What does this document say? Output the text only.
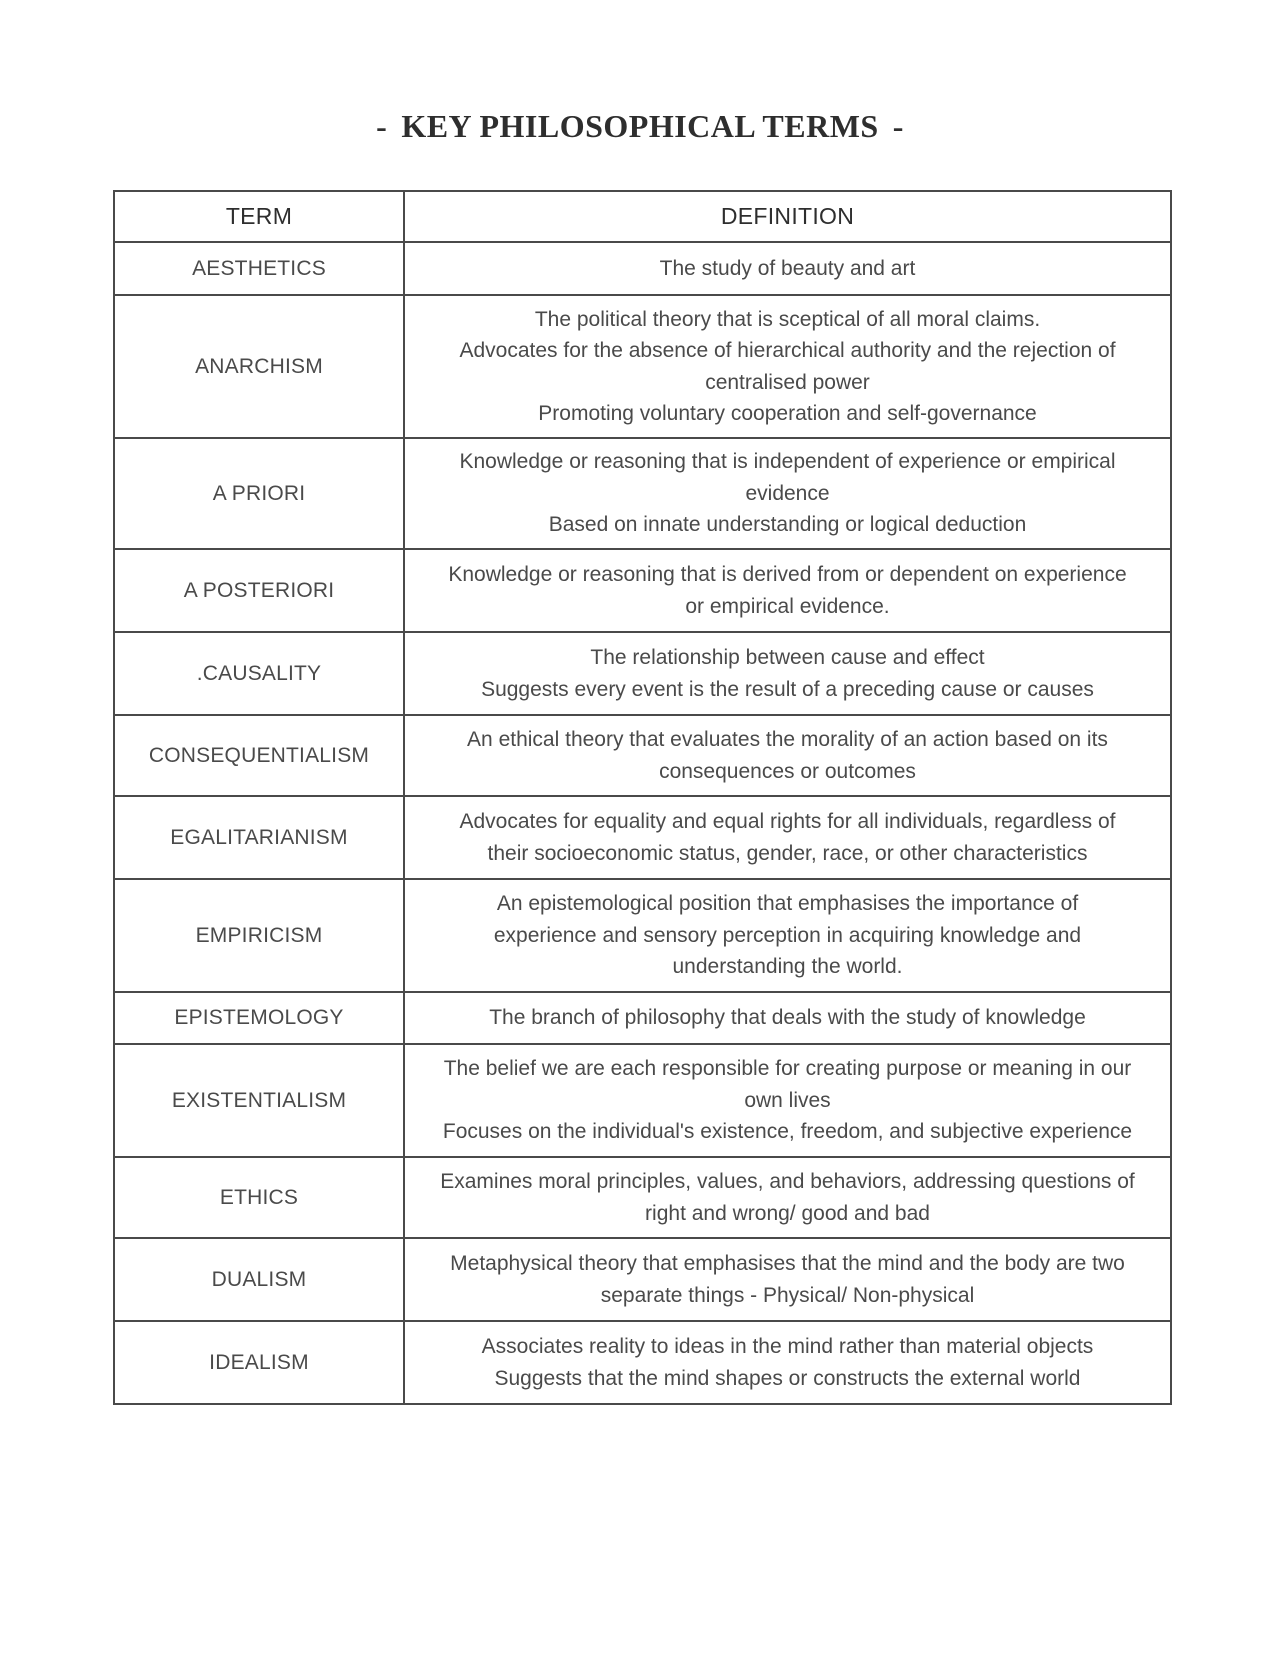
- KEY PHILOSOPHICAL TERMS -
TERM	DEFINITION
AESTHETICS	The study of beauty and art

ANARCHISM	The political theory that is sceptical of all moral claims.
Advocates for the absence of hierarchical authority and the rejection of
centralised power
Promoting voluntary cooperation and self-governance

A PRIORI	Knowledge or reasoning that is independent of experience or empirical
evidence
Based on innate understanding or logical deduction

A POSTERIORI	Knowledge or reasoning that is derived from or dependent on experience
or empirical evidence.

.CAUSALITY	The relationship between cause and effect
Suggests every event is the result of a preceding cause or causes

CONSEQUENTIALISM	An ethical theory that evaluates the morality of an action based on its
consequences or outcomes

EGALITARIANISM	Advocates for equality and equal rights for all individuals, regardless of
their socioeconomic status, gender, race, or other characteristics

EMPIRICISM	An epistemological position that emphasises the importance of
experience and sensory perception in acquiring knowledge and
understanding the world.

EPISTEMOLOGY	The branch of philosophy that deals with the study of knowledge

EXISTENTIALISM	The belief we are each responsible for creating purpose or meaning in our
own lives
Focuses on the individual's existence, freedom, and subjective experience

ETHICS	Examines moral principles, values, and behaviors, addressing questions of
right and wrong/ good and bad

DUALISM	Metaphysical theory that emphasises that the mind and the body are two
separate things - Physical/ Non-physical

IDEALISM	Associates reality to ideas in the mind rather than material objects
Suggests that the mind shapes or constructs the external world
